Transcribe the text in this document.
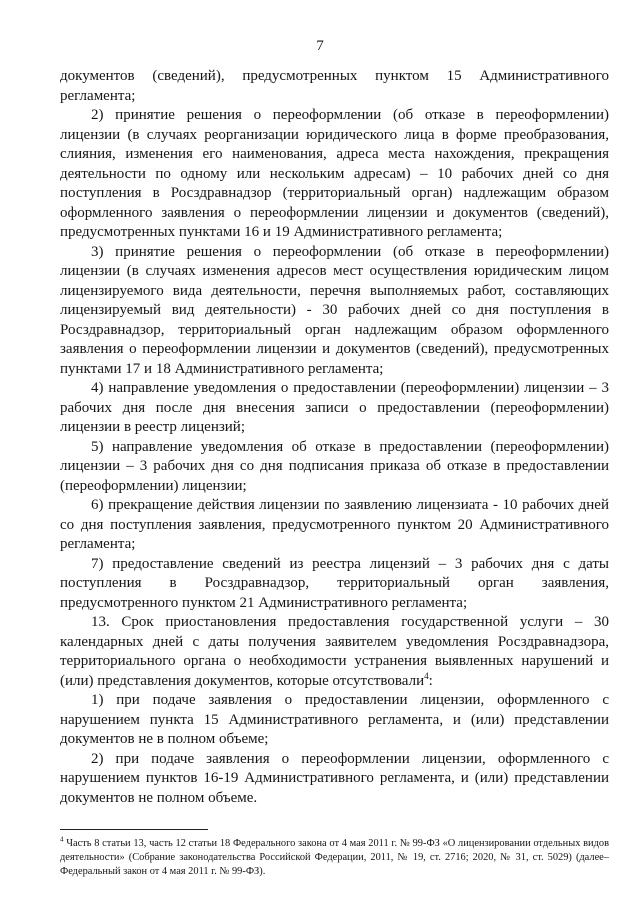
7

документов (сведений), предусмотренных пунктом 15 Административного регламента;

2) принятие решения о переоформлении (об отказе в переоформлении) лицензии (в случаях реорганизации юридического лица в форме преобразования, слияния, изменения его наименования, адреса места нахождения, прекращения деятельности по одному или нескольким адресам) – 10 рабочих дней со дня поступления в Росздравнадзор (территориальный орган) надлежащим образом оформленного заявления о переоформлении лицензии и документов (сведений), предусмотренных пунктами 16 и 19 Административного регламента;

3) принятие решения о переоформлении (об отказе в переоформлении) лицензии (в случаях изменения адресов мест осуществления юридическим лицом лицензируемого вида деятельности, перечня выполняемых работ, составляющих лицензируемый вид деятельности) - 30 рабочих дней со дня поступления в Росздравнадзор, территориальный орган надлежащим образом оформленного заявления о переоформлении лицензии и документов (сведений), предусмотренных пунктами 17 и 18 Административного регламента;

4) направление уведомления о предоставлении (переоформлении) лицензии – 3 рабочих дня после дня внесения записи о предоставлении (переоформлении) лицензии в реестр лицензий;

5) направление уведомления об отказе в предоставлении (переоформлении) лицензии – 3 рабочих дня со дня подписания приказа об отказе в предоставлении (переоформлении) лицензии;

6) прекращение действия лицензии по заявлению лицензиата - 10 рабочих дней со дня поступления заявления, предусмотренного пунктом 20 Административного регламента;

7) предоставление сведений из реестра лицензий – 3 рабочих дня с даты поступления в Росздравнадзор, территориальный орган заявления, предусмотренного пунктом 21 Административного регламента;

13. Срок приостановления предоставления государственной услуги – 30 календарных дней с даты получения заявителем уведомления Росздравнадзора, территориального органа о необходимости устранения выявленных нарушений и (или) представления документов, которые отсутствовали$^4$:

1) при подаче заявления о предоставлении лицензии, оформленного с нарушением пункта 15 Административного регламента, и (или) представлении документов не в полном объеме;

2) при подаче заявления о переоформлении лицензии, оформленного с нарушением пунктов 16-19 Административного регламента, и (или) представлении документов не полном объеме.

$^4$ Часть 8 статьи 13, часть 12 статьи 18 Федерального закона от 4 мая 2011 г. № 99-ФЗ «О лицензировании отдельных видов деятельности» (Собрание законодательства Российской Федерации, 2011, № 19, ст. 2716; 2020, № 31, ст. 5029) (далее–Федеральный закон от 4 мая 2011 г. № 99-ФЗ).
